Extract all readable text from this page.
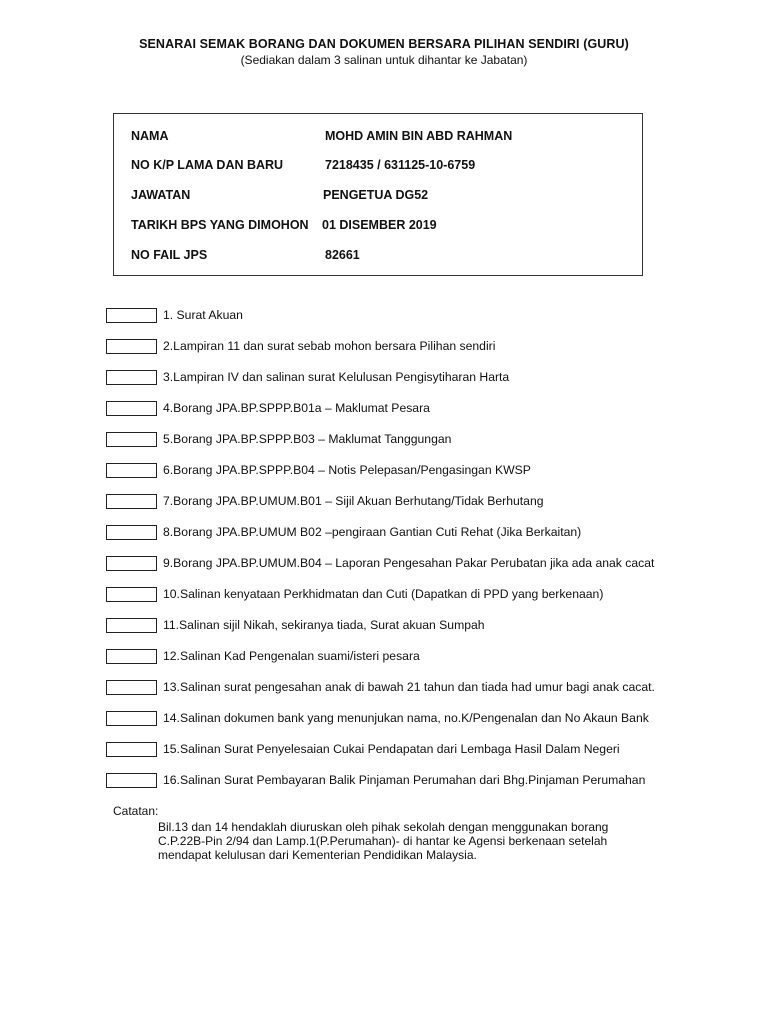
SENARAI SEMAK BORANG DAN DOKUMEN BERSARA PILIHAN SENDIRI (GURU)
(Sediakan dalam 3 salinan untuk dihantar ke Jabatan)
NAMA	MOHD AMIN BIN ABD RAHMAN
NO K/P LAMA DAN BARU	7218435 / 631125-10-6759
JAWATAN	PENGETUA DG52
TARIKH BPS YANG DIMOHON 01 DISEMBER 2019
NO FAIL JPS	82661
1. Surat Akuan
2.Lampiran 11 dan surat sebab mohon bersara Pilihan sendiri
3.Lampiran IV dan salinan surat Kelulusan Pengisytiharan Harta
4.Borang JPA.BP.SPPP.B01a – Maklumat Pesara
5.Borang JPA.BP.SPPP.B03 – Maklumat Tanggungan
6.Borang JPA.BP.SPPP.B04 – Notis Pelepasan/Pengasingan KWSP
7.Borang JPA.BP.UMUM.B01 – Sijil Akuan Berhutang/Tidak Berhutang
8.Borang JPA.BP.UMUM B02 –pengiraan Gantian Cuti Rehat (Jika Berkaitan)
9.Borang JPA.BP.UMUM.B04 – Laporan Pengesahan Pakar Perubatan jika ada anak cacat
10.Salinan kenyataan Perkhidmatan dan Cuti (Dapatkan di PPD yang berkenaan)
11.Salinan sijil Nikah, sekiranya tiada, Surat akuan Sumpah
12.Salinan Kad Pengenalan suami/isteri pesara
13.Salinan surat pengesahan anak di bawah 21 tahun dan tiada had umur bagi anak cacat.
14.Salinan dokumen bank yang menunjukan nama, no.K/Pengenalan dan No Akaun Bank
15.Salinan Surat Penyelesaian Cukai Pendapatan dari Lembaga Hasil Dalam Negeri
16.Salinan Surat Pembayaran Balik Pinjaman Perumahan dari Bhg.Pinjaman Perumahan
Catatan:
Bil.13 dan 14 hendaklah diuruskan oleh pihak sekolah dengan menggunakan borang
C.P.22B-Pin 2/94 dan Lamp.1(P.Perumahan)- di hantar ke Agensi berkenaan setelah
mendapat kelulusan dari Kementerian Pendidikan Malaysia.
